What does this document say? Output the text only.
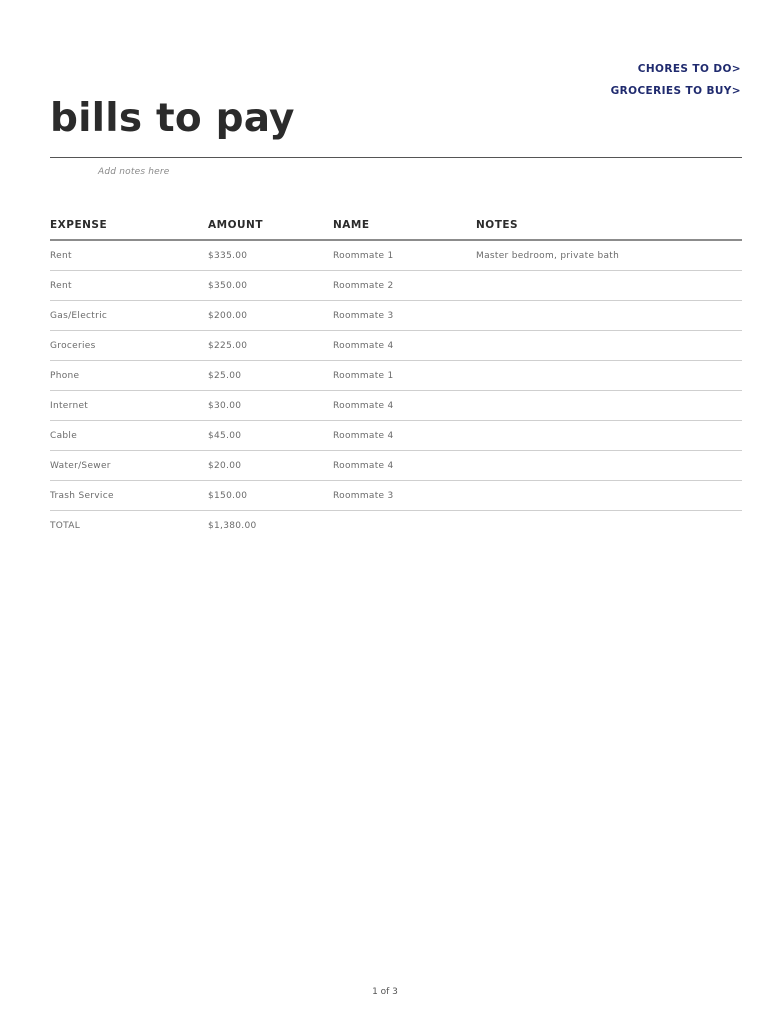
CHORES TO DO>
GROCERIES TO BUY>
bills to pay
Add notes here
EXPENSE	AMOUNT	NAME	NOTES
Rent	$335.00	Roommate 1	Master bedroom, private bath
Rent	$350.00	Roommate 2	
Gas/Electric	$200.00	Roommate 3	
Groceries	$225.00	Roommate 4	
Phone	$25.00	Roommate 1	
Internet	$30.00	Roommate 4	
Cable	$45.00	Roommate 4	
Water/Sewer	$20.00	Roommate 4	
Trash Service	$150.00	Roommate 3	
TOTAL	$1,380.00		
1 of 3
